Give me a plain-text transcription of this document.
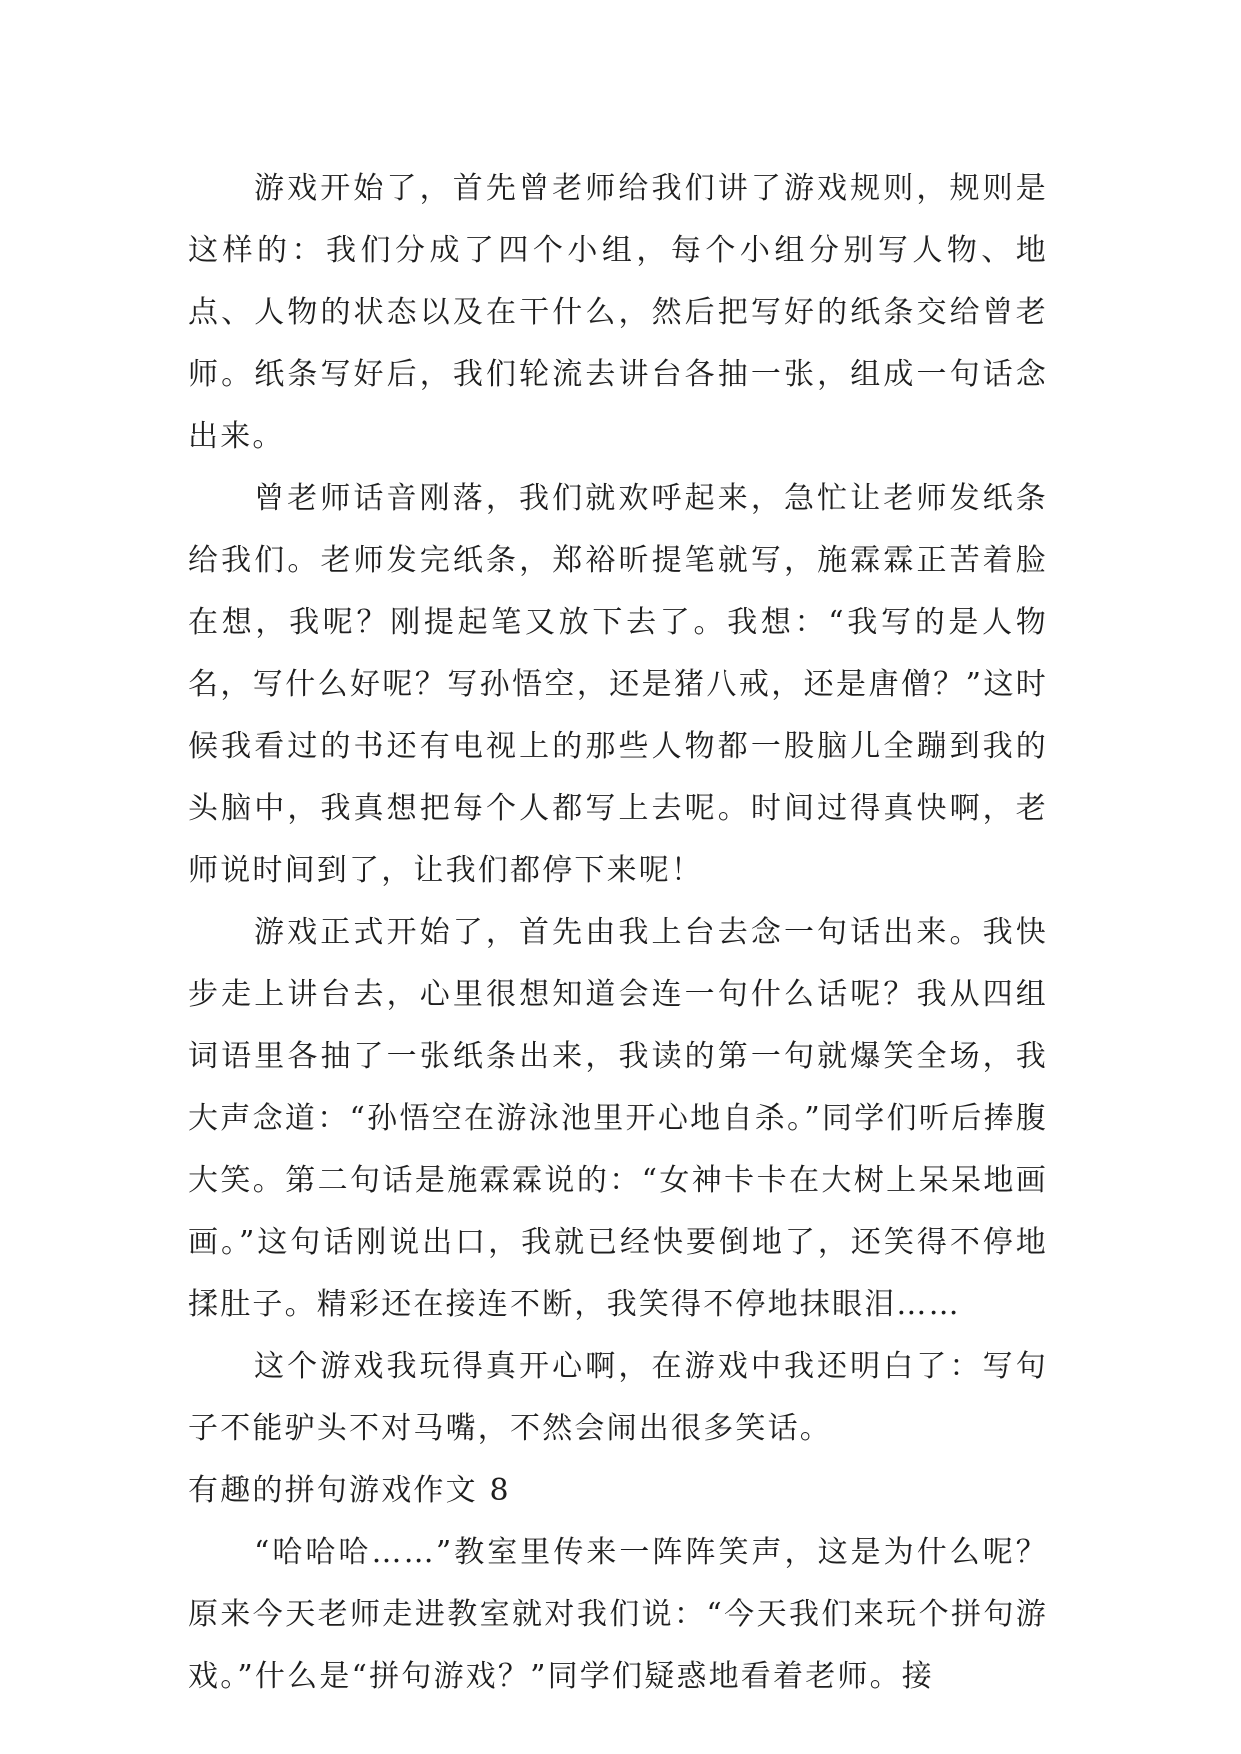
游戏开始了，首先曾老师给我们讲了游戏规则，规则是这样的：我们分成了四个小组，每个小组分别写人物、地点、人物的状态以及在干什么，然后把写好的纸条交给曾老师。纸条写好后，我们轮流去讲台各抽一张，组成一句话念出来。

曾老师话音刚落，我们就欢呼起来，急忙让老师发纸条给我们。老师发完纸条，郑裕昕提笔就写，施霖霖正苦着脸在想，我呢？刚提起笔又放下去了。我想：“我写的是人物名，写什么好呢？写孙悟空，还是猪八戒，还是唐僧？”这时候我看过的书还有电视上的那些人物都一股脑儿全蹦到我的头脑中，我真想把每个人都写上去呢。时间过得真快啊，老师说时间到了，让我们都停下来呢！

游戏正式开始了，首先由我上台去念一句话出来。我快步走上讲台去，心里很想知道会连一句什么话呢？我从四组词语里各抽了一张纸条出来，我读的第一句就爆笑全场，我大声念道：“孙悟空在游泳池里开心地自杀。”同学们听后捧腹大笑。第二句话是施霖霖说的：“女神卡卡在大树上呆呆地画画。”这句话刚说出口，我就已经快要倒地了，还笑得不停地揉肚子。精彩还在接连不断，我笑得不停地抹眼泪……

这个游戏我玩得真开心啊，在游戏中我还明白了：写句子不能驴头不对马嘴，不然会闹出很多笑话。

有趣的拼句游戏作文 8

“哈哈哈……”教室里传来一阵阵笑声，这是为什么呢？原来今天老师走进教室就对我们说：“今天我们来玩个拼句游戏。”什么是“拼句游戏？”同学们疑惑地看着老师。接
